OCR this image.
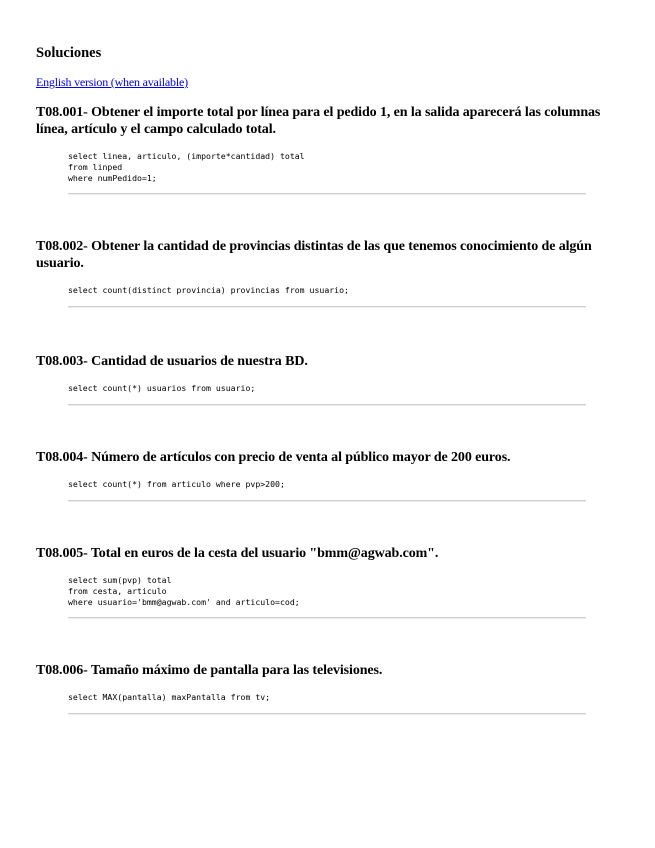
Soluciones
English version (when available)
T08.001- Obtener el importe total por línea para el pedido 1, en la salida aparecerá las columnas línea, artículo y el campo calculado total.
select linea, articulo, (importe*cantidad) total
from linped
where numPedido=1;
T08.002- Obtener la cantidad de provincias distintas de las que tenemos conocimiento de algún usuario.
select count(distinct provincia) provincias from usuario;
T08.003- Cantidad de usuarios de nuestra BD.
select count(*) usuarios from usuario;
T08.004- Número de artículos con precio de venta al público mayor de 200 euros.
select count(*) from articulo where pvp>200;
T08.005- Total en euros de la cesta del usuario "bmm@agwab.com".
select sum(pvp) total
from cesta, articulo
where usuario='bmm@agwab.com' and articulo=cod;
T08.006- Tamaño máximo de pantalla para las televisiones.
select MAX(pantalla) maxPantalla from tv;
